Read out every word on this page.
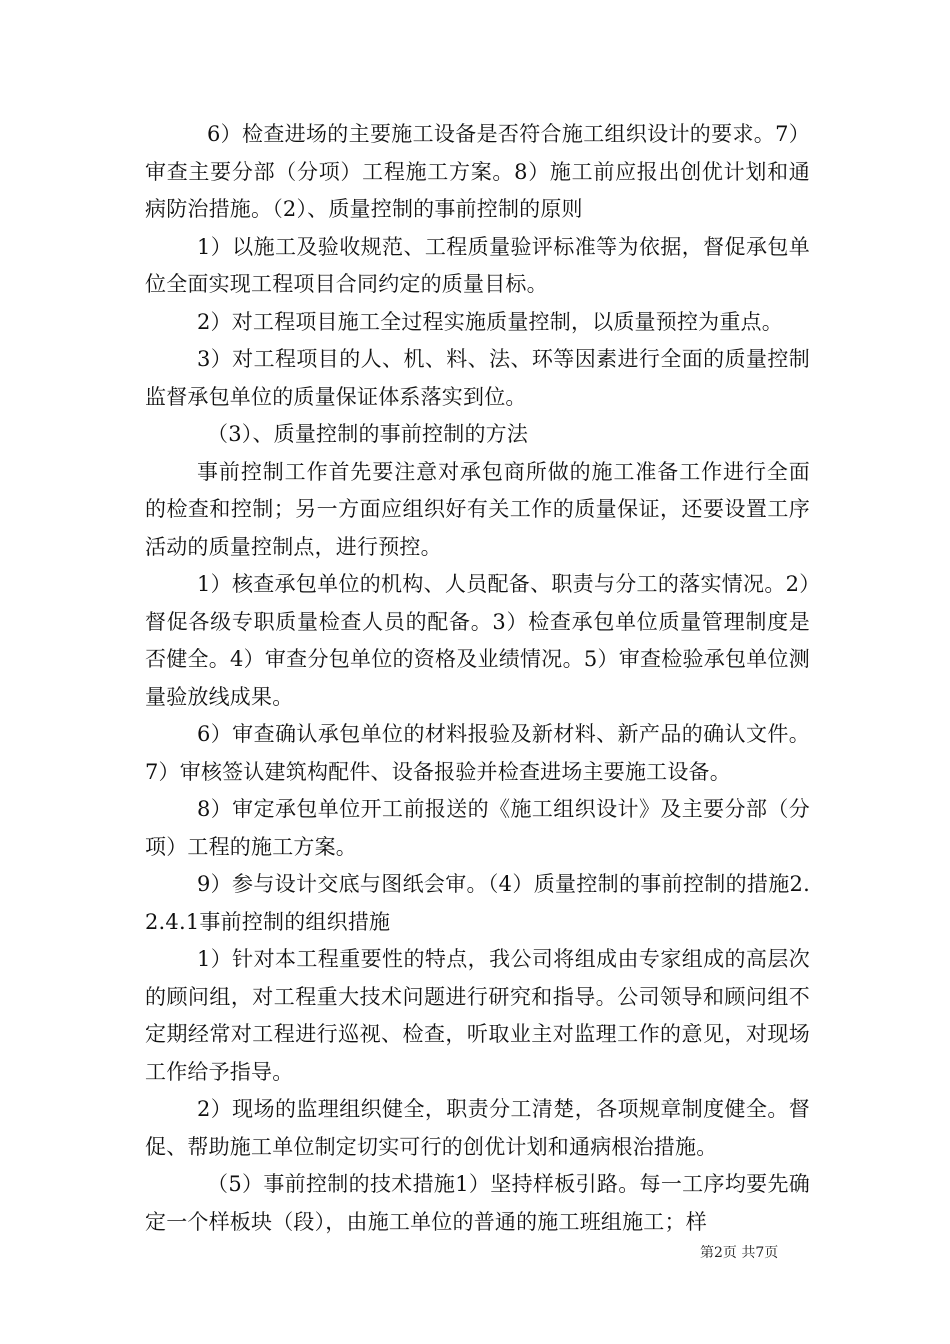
6）检查进场的主要施工设备是否符合施工组织设计的要求。7）审查主要分部（分项）工程施工方案。8）施工前应报出创优计划和通病防治措施。（2）、质量控制的事前控制的原则

1）以施工及验收规范、工程质量验评标准等为依据，督促承包单位全面实现工程项目合同约定的质量目标。

2）对工程项目施工全过程实施质量控制，以质量预控为重点。

3）对工程项目的人、机、料、法、环等因素进行全面的质量控制监督承包单位的质量保证体系落实到位。

（3）、质量控制的事前控制的方法

事前控制工作首先要注意对承包商所做的施工准备工作进行全面的检查和控制；另一方面应组织好有关工作的质量保证，还要设置工序活动的质量控制点，进行预控。

1）核查承包单位的机构、人员配备、职责与分工的落实情况。2）督促各级专职质量检查人员的配备。3）检查承包单位质量管理制度是否健全。4）审查分包单位的资格及业绩情况。5）审查检验承包单位测量验放线成果。

6）审查确认承包单位的材料报验及新材料、新产品的确认文件。7）审核签认建筑构配件、设备报验并检查进场主要施工设备。

8）审定承包单位开工前报送的《施工组织设计》及主要分部（分项）工程的施工方案。

9）参与设计交底与图纸会审。（4）质量控制的事前控制的措施2.2.4.1事前控制的组织措施

1）针对本工程重要性的特点，我公司将组成由专家组成的高层次的顾问组，对工程重大技术问题进行研究和指导。公司领导和顾问组不定期经常对工程进行巡视、检查，听取业主对监理工作的意见，对现场工作给予指导。

2）现场的监理组织健全，职责分工清楚，各项规章制度健全。督促、帮助施工单位制定切实可行的创优计划和通病根治措施。

（5）事前控制的技术措施1）坚持样板引路。每一工序均要先确定一个样板块（段），由施工单位的普通的施工班组施工；样

第2页 共7页
